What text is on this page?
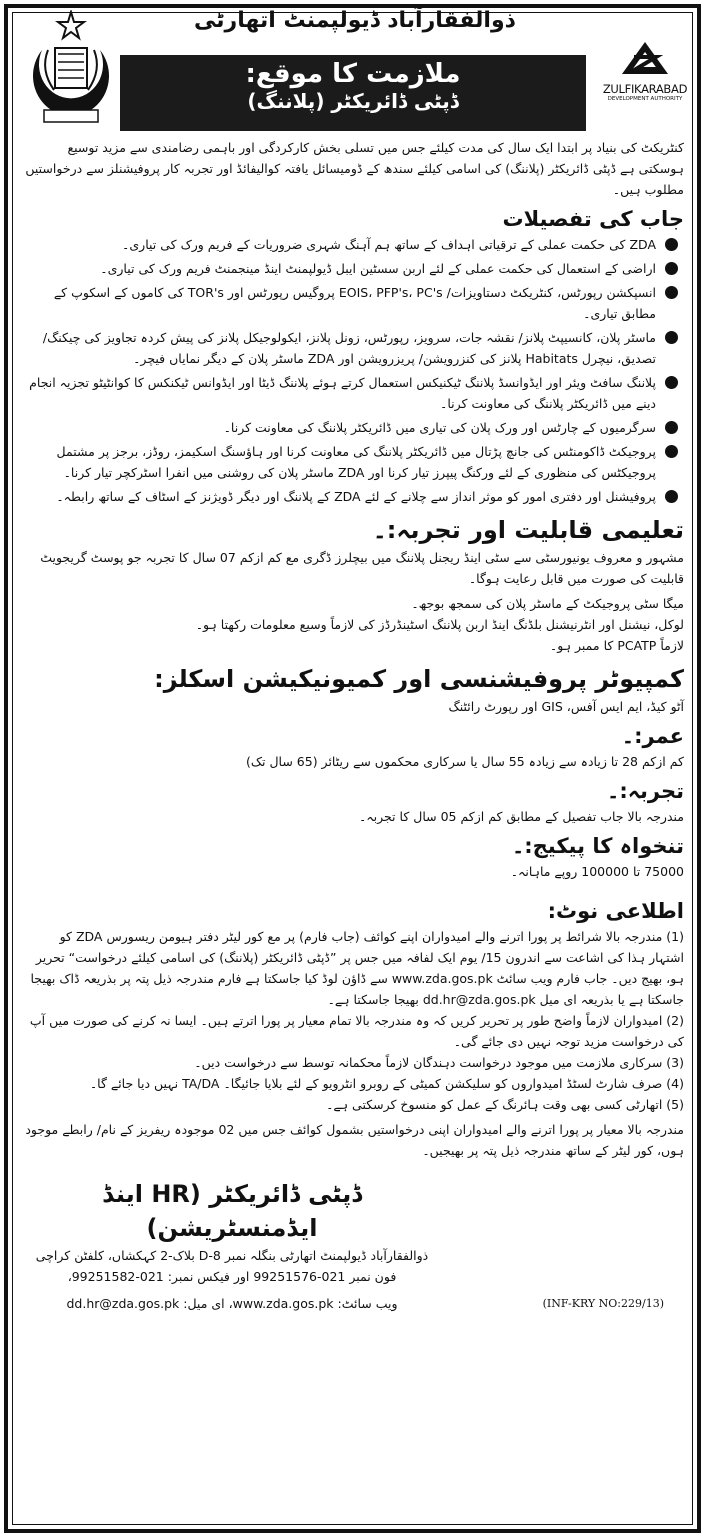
ذوالفقارآباد ڈیولپمنٹ اتھارٹی
ملازمت کا موقع:
ڈپٹی ڈائریکٹر (پلاننگ)	ZULFIKARABAD
DEVELOPMENT AUTHORITY
کنٹریکٹ کی بنیاد پر ابتدا ایک سال کی مدت کیلئے جس میں تسلی بخش کارکردگی اور باہمی رضامندی سے مزید توسیع ہوسکتی ہے ڈپٹی ڈائریکٹر (پلاننگ) کی اسامی کیلئے سندھ کے ڈومیسائل یافتہ کوالیفائڈ اور تجربہ کار پروفیشنلز سے درخواستیں مطلوب ہیں۔
جاب کی تفصیلات
ZDA کی حکمت عملی کے ترقیاتی اہداف کے ساتھ ہم آہنگ شہری ضروریات کے فریم ورک کی تیاری۔
اراضی کے استعمال کی حکمت عملی کے لئے اربن سسٹین ایبل ڈیولپمنٹ اینڈ مینجمنٹ فریم ورک کی تیاری۔
انسپکشن رپورٹس، کنٹریکٹ دستاویزات/ EOIS، PFP's، PC's پروگیس رپورٹس اور TOR's کی کاموں کے اسکوپ کے مطابق تیاری۔
ماسٹر پلان، کانسیپٹ پلانز/ نقشہ جات، سرویز، رپورٹس، زونل پلانز، ایکولوجیکل پلانز کی پیش کردہ تجاویز کی چیکنگ/ تصدیق، نیچرل Habitats پلانز کی کنزرویشن/ پریزرویشن اور ZDA ماسٹر پلان کے دیگر نمایاں فیچر۔
پلاننگ سافٹ ویئر اور ایڈوانسڈ پلاننگ ٹیکنیکس استعمال کرتے ہوئے پلاننگ ڈیٹا اور ایڈوانس ٹیکنکس کا کوانٹیٹو تجزیہ انجام دینے میں ڈائریکٹر پلاننگ کی معاونت کرنا۔
سرگرمیوں کے چارٹس اور ورک پلان کی تیاری میں ڈائریکٹر پلاننگ کی معاونت کرنا۔
پروجیکٹ ڈاکومنٹس کی جانچ پڑتال میں ڈائریکٹر پلاننگ کی معاونت کرنا اور ہاؤسنگ اسکیمز، روڈز، برجز پر مشتمل پروجیکٹس کی منظوری کے لئے ورکنگ پیپرز تیار کرنا اور ZDA ماسٹر پلان کی روشنی میں انفرا اسٹرکچر تیار کرنا۔
پروفیشنل اور دفتری امور کو موثر انداز سے چلانے کے لئے ZDA کے پلاننگ اور دیگر ڈویژنز کے اسٹاف کے ساتھ رابطہ۔
تعلیمی قابلیت اور تجربہ:۔
مشہور و معروف یونیورسٹی سے سٹی اینڈ ریجنل پلاننگ میں بیچلرز ڈگری مع کم ازکم 07 سال کا تجربہ جو پوسٹ گریجویٹ قابلیت کی صورت میں قابل رعایت ہوگا۔
میگا سٹی پروجیکٹ کے ماسٹر پلان کی سمجھ بوجھ۔
لوکل، نیشنل اور انٹرنیشنل بلڈنگ اینڈ اربن پلاننگ اسٹینڈرڈز کی لازماً وسیع معلومات رکھتا ہو۔
لازماً PCATP کا ممبر ہو۔
کمپیوٹر پروفیشنسی اور کمیونیکیشن اسکلز:
آٹو کیڈ، ایم ایس آفس، GIS اور رپورٹ رائٹنگ
عمر:۔
کم ازکم 28 تا زیادہ سے زیادہ 55 سال یا سرکاری محکموں سے ریٹائر (65 سال تک)
تجربہ:۔
مندرجہ بالا جاب تفصیل کے مطابق کم ازکم 05 سال کا تجربہ۔
تنخواہ کا پیکیج:۔
75000 تا 100000 روپے ماہانہ۔
اطلاعی نوٹ:
(1) مندرجہ بالا شرائط پر پورا اترنے والے امیدواران اپنے کوائف (جاب فارم) پر مع کور لیٹر دفتر ہیومن ریسورس ZDA کو اشتہار ہذا کی اشاعت سے اندرون 15/ یوم ایک لفافہ میں جس پر ”ڈپٹی ڈائریکٹر (پلاننگ) کی اسامی کیلئے درخواست“ تحریر ہو، بھیج دیں۔ جاب فارم ویب سائٹ www.zda.gos.pk سے ڈاؤن لوڈ کیا جاسکتا ہے فارم مندرجہ ذیل پتہ پر بذریعہ ڈاک بھیجا جاسکتا ہے یا بذریعہ ای میل dd.hr@zda.gos.pk بھیجا جاسکتا ہے۔
(2) امیدواران لازماً واضح طور پر تحریر کریں کہ وہ مندرجہ بالا تمام معیار پر پورا اترتے ہیں۔ ایسا نہ کرنے کی صورت میں آپ کی درخواست مزید توجہ نہیں دی جائے گی۔
(3) سرکاری ملازمت میں موجود درخواست دہندگان لازماً محکمانہ توسط سے درخواست دیں۔
(4) صرف شارٹ لسٹڈ امیدواروں کو سلیکشن کمیٹی کے روبرو انٹرویو کے لئے بلایا جائیگا۔ TA/DA نہیں دیا جائے گا۔
(5) اتھارٹی کسی بھی وقت ہائرنگ کے عمل کو منسوخ کرسکتی ہے۔
مندرجہ بالا معیار پر پورا اترنے والے امیدواران اپنی درخواستیں بشمول کوائف جس میں 02 موجودہ ریفریز کے نام/ رابطے موجود ہوں، کور لیٹر کے ساتھ مندرجہ ذیل پتہ پر بھیجیں۔
ڈپٹی ڈائریکٹر (HR اینڈ ایڈمنسٹریشن)
ذوالفقارآباد ڈیولپمنٹ اتھارٹی بنگلہ نمبر D-8 بلاک-2 کہکشاں، کلفٹن کراچی
فون نمبر 021-99251576 اور فیکس نمبر: 021-99251582،
ویب سائٹ: www.zda.gos.pk، ای میل: dd.hr@zda.gos.pk	(INF-KRY NO:229/13)
